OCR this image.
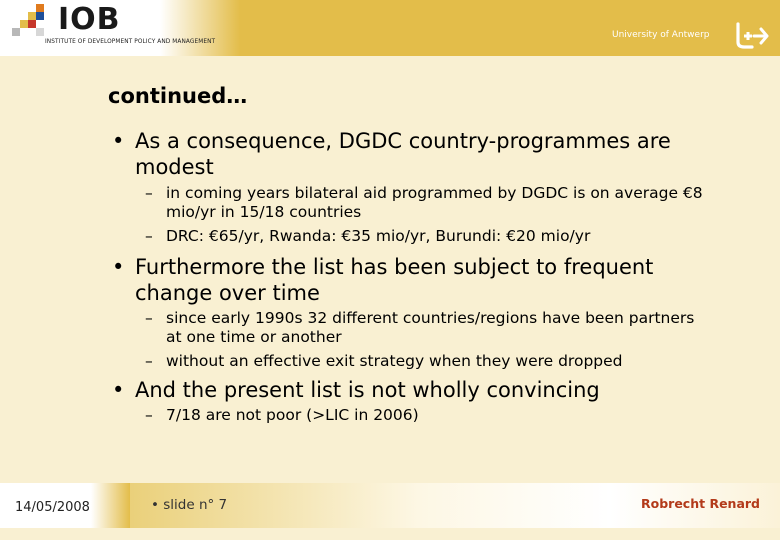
IOB
INSTITUTE OF DEVELOPMENT POLICY AND MANAGEMENT
University of Antwerp
continued…
• As a consequence, DGDC country-programmes are modest
– in coming years bilateral aid programmed by DGDC is on average €8 mio/yr in 15/18 countries
– DRC: €65/yr, Rwanda: €35 mio/yr, Burundi: €20 mio/yr
• Furthermore the list has been subject to frequent change over time
– since early 1990s 32 different countries/regions have been partners at one time or another
– without an effective exit strategy when they were dropped
• And the present list is not wholly convincing
– 7/18 are not poor (>LIC in 2006)
14/05/2008	• slide n° 7	Robrecht Renard
